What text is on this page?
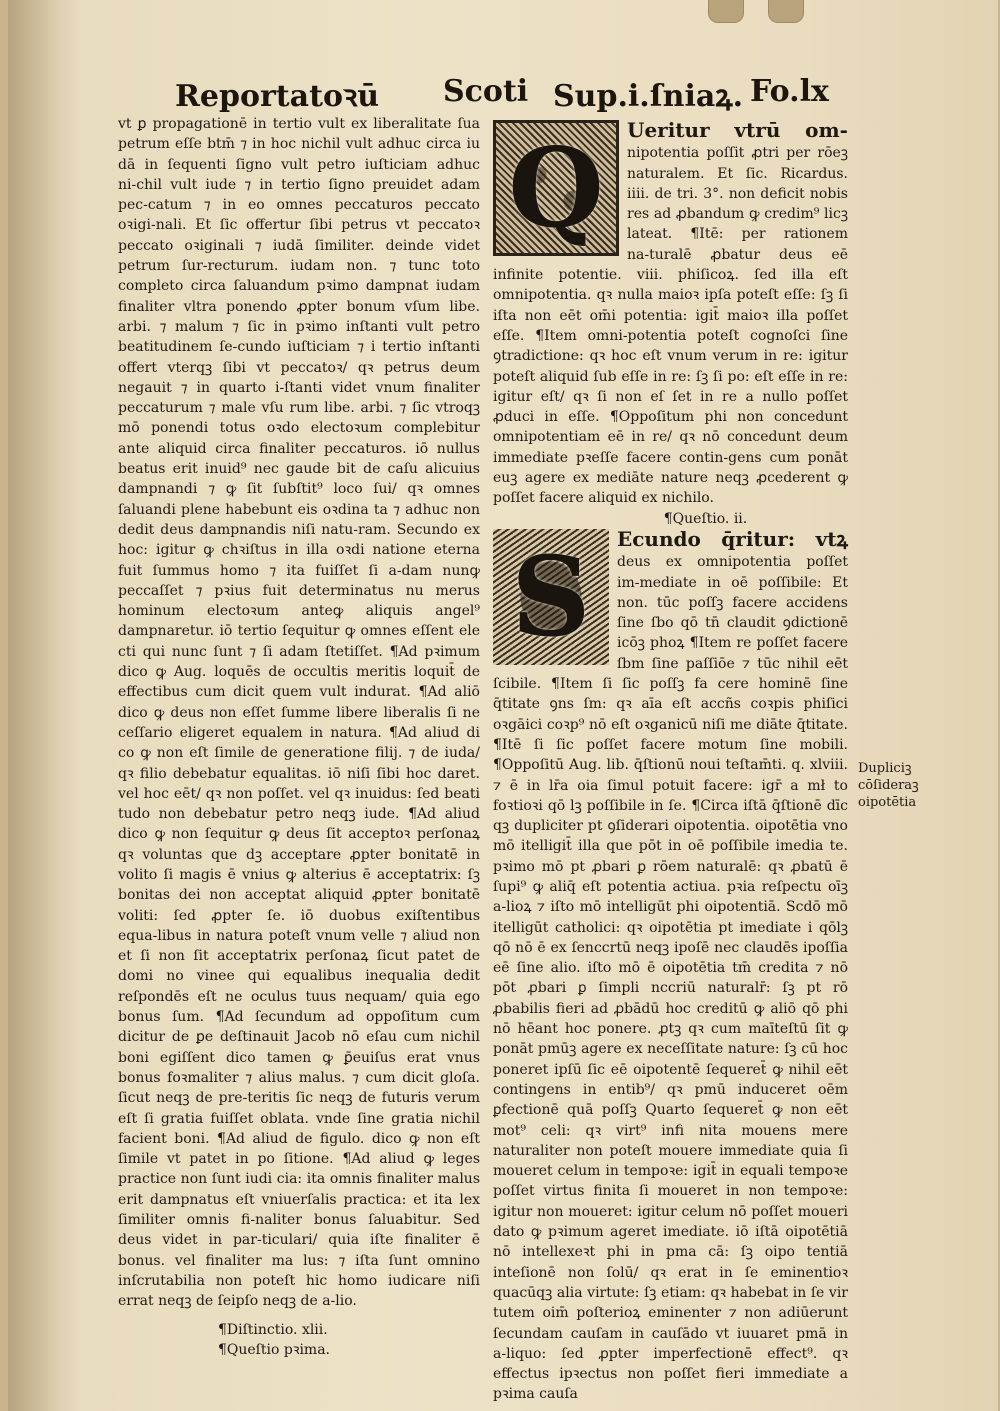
Reportatoꝛū Scoti Sup.i.ſniaꝝ. Fo.lx

vt ꝑ propagationē in tertio vult ex liberalitate ſua petrum eſſe btm̄ ⁊ in hoc nichil vult adhuc circa iu dā in ſequenti ſigno vult petro iuſticiam adhuc ni‑chil vult iude ⁊ in tertio ſigno preuidet adam pec‑catum ⁊ in eo omnes peccaturos peccato oꝛigi‑nali. Et ſic offertur ſibi petrus vt peccatoꝛ peccato oꝛiginali ⁊ iudā ſimiliter. deinde videt petrum ſur‑recturum. iudam non. ⁊ tunc toto completo circa ſaluandum pꝛimo dampnat iudam finaliter vltra ponendo ꝓpter bonum vſum libe. arbi. ⁊ malum ⁊ ſic in pꝛimo inſtanti vult petro beatitudinem ſe‑cundo iuſticiam ⁊ i tertio inſtanti offert vterqꝫ ſibi vt peccatoꝛ/ qꝛ petrus deum negauit ⁊ in quarto i‑ſtanti videt vnum finaliter peccaturum ⁊ male vſu rum libe. arbi. ⁊ ſic vtroqꝫ mō ponendi totus oꝛdo electoꝛum complebitur ante aliquid circa finaliter peccaturos. iō nullus beatus erit inuid⁹ nec gaude bit de caſu alicuius dampnandi ⁊ ꝙ ſit ſubſtit⁹ loco ſui/ qꝛ omnes ſaluandi plene habebunt eis oꝛdina ta ⁊ adhuc non dedit deus dampnandis niſi natu‑ram. Secundo ex hoc: igitur ꝙ chꝛiſtus in illa oꝛdi natione eterna fuit ſummus homo ⁊ ita fuiſſet ſi a‑dam nunꝙ peccaſſet ⁊ pꝛius fuit determinatus nu merus hominum electoꝛum anteꝙ aliquis angel⁹ dampnaretur. iō tertio ſequitur ꝙ omnes eſſent ele cti qui nunc ſunt ⁊ ſi adam ſtetiſſet. ¶Ad pꝛimum dico ꝙ Aug. loquēs de occultis meritis loquit̄ de effectibus cum dicit quem vult indurat. ¶Ad aliō dico ꝙ deus non eſſet ſumme libere liberalis ſi ne ceſſario eligeret equalem in natura. ¶Ad aliud di co ꝙ non eſt ſimile de generatione filij. ⁊ de iuda/ qꝛ filio debebatur equalitas. iō niſi ſibi hoc daret. vel hoc eēt/ qꝛ non poſſet. vel qꝛ inuidus: ſed beati tudo non debebatur petro neqꝫ iude. ¶Ad aliud dico ꝙ non ſequitur ꝙ deus ſit acceptoꝛ perſonaꝝ qꝛ voluntas que dꝫ acceptare ꝓpter bonitatē in volito ſi magis ē vnius ꝙ alterius ē acceptatrix: ſꝫ bonitas dei non acceptat aliquid ꝓpter bonitatē voliti: ſed ꝓpter ſe. iō duobus exiſtentibus equa‑libus in natura poteſt vnum velle ⁊ aliud non et ſi non ſit acceptatrix perſonaꝝ ſicut patet de domi no vinee qui equalibus inequalia dedit reſpondēs eſt ne oculus tuus nequam/ quia ego bonus ſum. ¶Ad ſecundum ad oppoſitum cum dicitur de ꝑe deſtinauit Jacob nō eſau cum nichil boni egiſſent dico tamen ꝙ ꝑ̄euiſus erat vnus bonus foꝛmaliter ⁊ alius malus. ⁊ cum dicit gloſa. ſicut neqꝫ de pre‑teritis ſic neqꝫ de futuris verum eſt ſi gratia fuiſſet oblata. vnde ſine gratia nichil facient boni. ¶Ad aliud de figulo. dico ꝙ non eſt ſimile vt patet in po ſitione. ¶Ad aliud ꝙ leges practice non ſunt iudi cia: ita omnis finaliter malus erit dampnatus eſt vniuerſalis practica: et ita lex ſimiliter omnis fi‑naliter bonus ſaluabitur. Sed deus videt in par‑ticulari/ quia iſte finaliter ē bonus. vel finaliter ma lus: ⁊ iſta ſunt omnino inſcrutabilia non poteſt hic homo iudicare niſi errat neqꝫ de ſeipſo neqꝫ de a‑lio.

¶Diſtinctio. xlii.
¶Queſtio pꝛima.
Q	Ueritur vtrū om‑ nipotentia poſſit ꝓtri per rōeꝫ naturalem. Et ſic. Ricardus. iiii. de tri. 3°. non deficit nobis res ad ꝓbandum ꝙ credim⁹ licꝫ lateat. ¶Itē: per rationem na‑turalē ꝓbatur deus eē infinite potentie. viii. phiſicoꝝ. ſed illa eſt omnipotentia. qꝛ nulla maioꝛ ipſa poteſt eſſe: ſꝫ ſi iſta non eēt om̄i potentia: igit̄ maioꝛ illa poſſet eſſe. ¶Item omni‑potentia poteſt cognoſci ſine ꝯtradictione: qꝛ hoc eſt vnum verum in re: igitur poteſt aliquid ſub eſſe in re: ſꝫ ſi po: eſt eſſe in re: igitur eſt/ qꝛ ſi non eſ ſet in re a nullo poſſet ꝓduci in eſſe. ¶Oppoſitum phi non concedunt omnipotentiam eē in re/ qꝛ nō concedunt deum immediate pꝛeſſe facere contin‑gens cum ponāt euꝫ agere ex mediāte nature neqꝫ ꝓcederent ꝙ poſſet facere aliquid ex nichilo.

¶Queſtio. ii.
S	Ecundo q̄ritur: vtꝝ deus ex omnipotentia poſſet im‑mediate in oē poſſibile: Et non. tūc poſſꝫ facere accidens ſine ſbo qō tn̄ claudit ꝯdictionē icōꝫ phoꝝ ¶Item re poſſet facere ſbm ſine paſſiōe ⁊ tūc nihil eēt ſcibile. ¶Item ſi ſic poſſꝫ fa cere hominē ſine q̄titate ꝯns ſm: qꝛ aīa eſt accñs coꝛpis phiſici oꝛgāici coꝛp⁹ nō eſt oꝛganicū niſi me diāte q̄titate. ¶Itē ſi ſic poſſet facere motum ſine mobili. ¶Oppoſitū Aug. lib. q̄ſtionū noui teſtam̄ti. q. xlviii. ⁊ ē in lr̄a oia ſimul potuit facere: igr̄ a mł to foꝛtioꝛi qō lꝫ poſſibile in ſe. ¶Circa iſtā q̄ſtionē dīc qꝫ dupliciter pt ꝯſiderari oipotentia. oipotētia vno mō itelligit̄ illa que pōt in oē poſſibile imedia te. pꝛimo mō pt ꝓbari ꝑ rōem naturalē: qꝛ ꝓbatū ē ſupi⁹ ꝙ aliq̄ eſt potentia actiua. pꝛia reſpectu oīꝫ a‑lioꝝ ⁊ iſto mō intelligūt phi oipotentiā. Scdō mō itelligūt catholici: qꝛ oipotētia pt imediate i qōlꝫ qō nō ē ex ſenccrtū neqꝫ ipoſē nec claudēs ipoſſia eē ſine alio. iſto mō ē oipotētia tm̄ credita ⁊ nō pōt ꝓbari ꝑ ſimpli nccriū naturalr̄: ſꝫ pt rō ꝓbabilis fieri ad ꝓbādū hoc creditū ꝙ aliō qō phi nō hēant hoc ponere. ꝓtꝫ qꝛ cum maīteſtū ſit ꝙ ponāt pmūꝫ agere ex neceſſitate nature: ſꝫ cū hoc poneret ipſū ſic eē oipotentē ſequeret̄ ꝙ nihil eēt contingens in entib⁹/ qꝛ pmū induceret oēm ꝑfectionē quā poſſꝫ Quarto ſequeret̄ ꝙ non eēt mot⁹ celi: qꝛ virt⁹ infi nita mouens mere naturaliter non poteſt mouere immediate quia ſi moueret celum in tempoꝛe: igit̄ in equali tempoꝛe poſſet virtus finita ſi moueret in non tempoꝛe: igitur non moueret: igitur celum nō poſſet moueri dato ꝙ pꝛimum ageret imediate. iō iſtā oipotētiā nō intellexeꝛt phi in pma cā: ſꝫ oipo tentiā inteſionē non ſolū/ qꝛ erat in ſe eminentioꝛ quacūqꝫ alia virtute: ſꝫ etiam: qꝛ habebat in ſe vir tutem oim̄ poſterioꝝ eminenter ⁊ non adiūerunt ſecundam cauſam in cauſādo vt iuuaret pmā in a‑liquo: ſed ꝓpter imperfectionē effect⁹. qꝛ effectus ipꝛectus non poſſet fieri immediate a pꝛima cauſa

Dupliciꝫ
cōſideraꝫ
oipotētia
